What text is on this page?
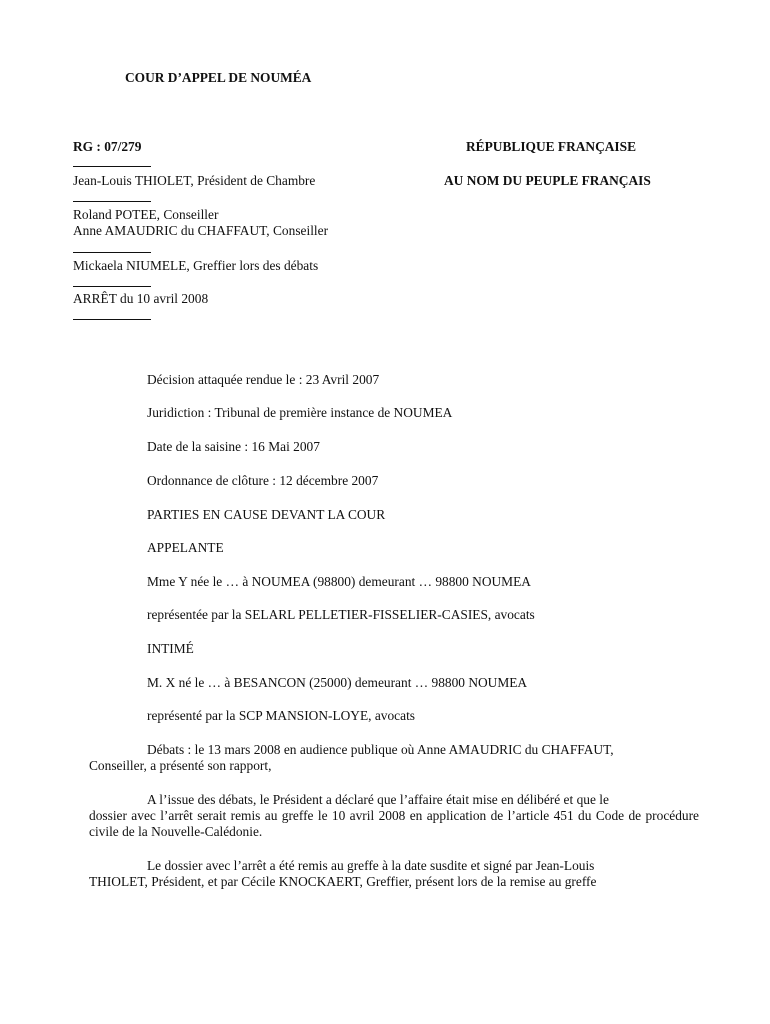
COUR D’APPEL DE NOUMÉA
RG : 07/279	RÉPUBLIQUE FRANÇAISE
AU NOM DU PEUPLE FRANÇAIS
Jean-Louis THIOLET, Président de Chambre
Roland POTEE, Conseiller
Anne AMAUDRIC du CHAFFAUT, Conseiller
Mickaela NIUMELE, Greffier lors des débats
ARRÊT du 10 avril 2008
Décision attaquée rendue le : 23 Avril 2007
Juridiction : Tribunal de première instance de NOUMEA
Date de la saisine : 16 Mai 2007
Ordonnance de clôture : 12 décembre 2007
PARTIES EN CAUSE DEVANT LA COUR
APPELANTE
Mme Y née le … à NOUMEA (98800) demeurant … 98800 NOUMEA
représentée par la SELARL PELLETIER-FISSELIER-CASIES, avocats
INTIMÉ
M. X né le … à BESANCON (25000) demeurant … 98800 NOUMEA
représenté par la SCP MANSION-LOYE, avocats
Débats : le 13 mars 2008 en audience publique où Anne AMAUDRIC du CHAFFAUT,
Conseiller, a présenté son rapport,
A l’issue des débats, le Président a déclaré que l’affaire était mise en délibéré et que le
dossier avec l’arrêt serait remis au greffe le 10 avril 2008 en application de l’article 451 du Code de procédure civile de la Nouvelle-Calédonie.
Le dossier avec l’arrêt a été remis au greffe à la date susdite et signé par Jean-Louis
THIOLET, Président, et par Cécile KNOCKAERT, Greffier, présent lors de la remise au greffe
